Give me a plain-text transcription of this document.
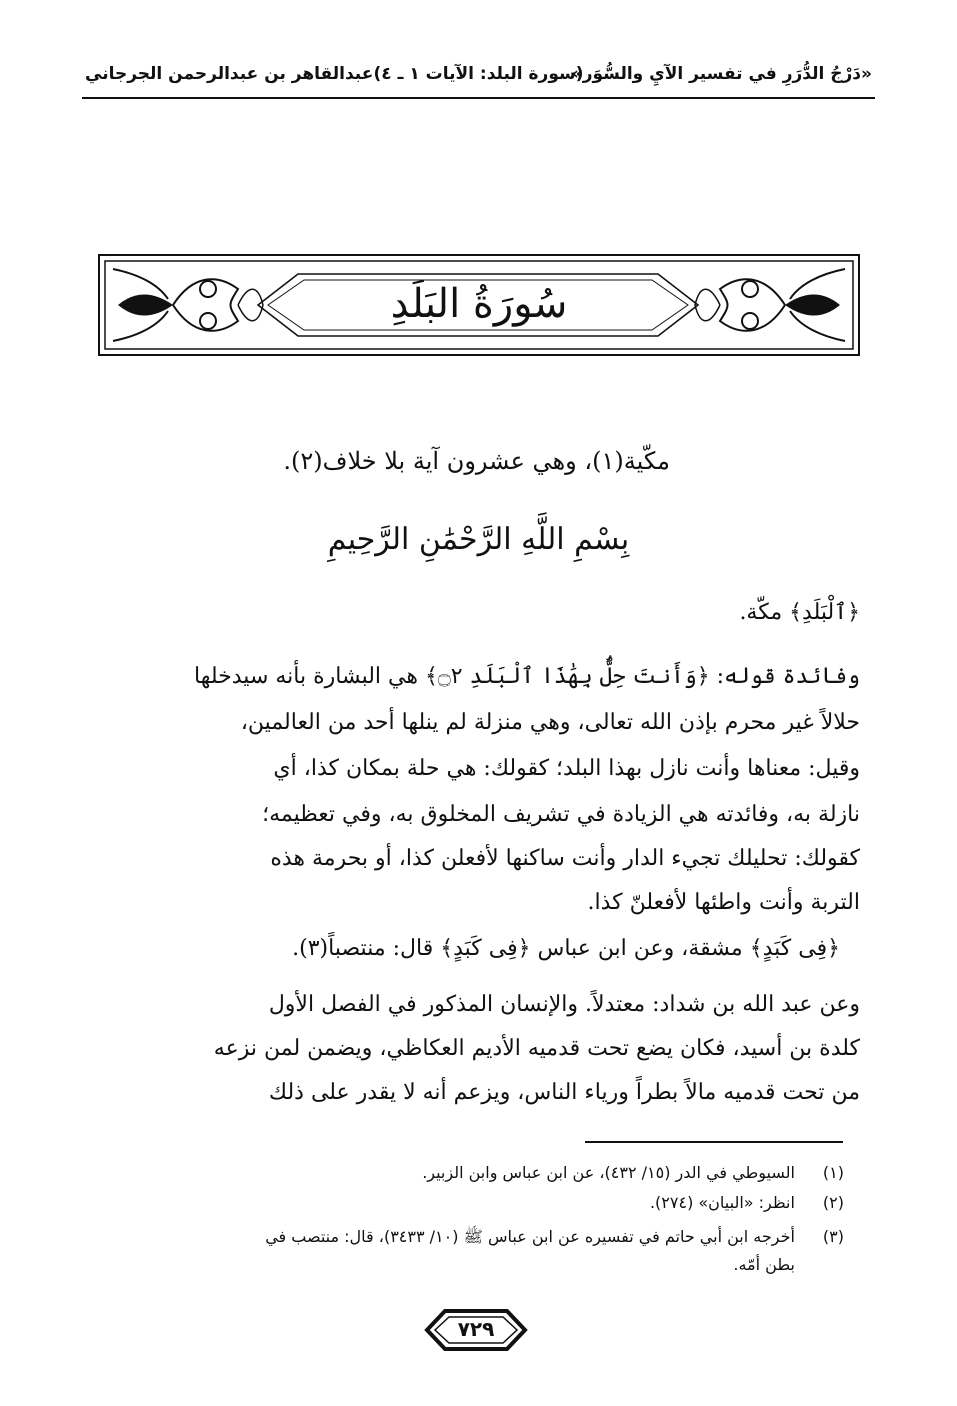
«دَرْجُ الدُّرَرِ في تفسير الآيِ والسُّوَر»
(سورة البلد: الآيات ١ ـ ٤)
عبدالقاهر بن عبدالرحمن الجرجاني
سُورَةُ البَلَدِ
مكّية(١)، وهي عشرون آية بلا خلاف(٢).
بِسْمِ اللَّهِ الرَّحْمَٰنِ الرَّحِيمِ
﴿ٱلْبَلَدِ﴾ مكّة.
وفائدة قوله: ﴿وَأَنتَ حِلٌّۢ بِهَٰذَا ٱلْبَلَدِ ۝٢﴾ هي البشارة بأنه سيدخلها
حلالاً غير محرم بإذن الله تعالى، وهي منزلة لم ينلها أحد من العالمين،
وقيل: معناها وأنت نازل بهذا البلد؛ كقولك: هي حلة بمكان كذا، أي
نازلة به، وفائدته هي الزيادة في تشريف المخلوق به، وفي تعظيمه؛
كقولك: تحليلك تجيء الدار وأنت ساكنها لأفعلن كذا، أو بحرمة هذه
التربة وأنت واطئها لأفعلنّ كذا.
﴿فِى كَبَدٍ﴾ مشقة، وعن ابن عباس ﴿فِى كَبَدٍ﴾ قال: منتصباً(٣).
وعن عبد الله بن شداد: معتدلاً. والإنسان المذكور في الفصل الأول
كلدة بن أسيد، فكان يضع تحت قدميه الأديم العكاظي، ويضمن لمن نزعه
من تحت قدميه مالاً بطراً ورياء الناس، ويزعم أنه لا يقدر على ذلك
(١) السيوطي في الدر (١٥/ ٤٣٢)، عن ابن عباس وابن الزبير.
(٢) انظر: «البيان» (٢٧٤).
(٣) أخرجه ابن أبي حاتم في تفسيره عن ابن عباس ﷺ (١٠/ ٣٤٣٣)، قال: منتصب في
بطن أمّه.
٧٢٩
